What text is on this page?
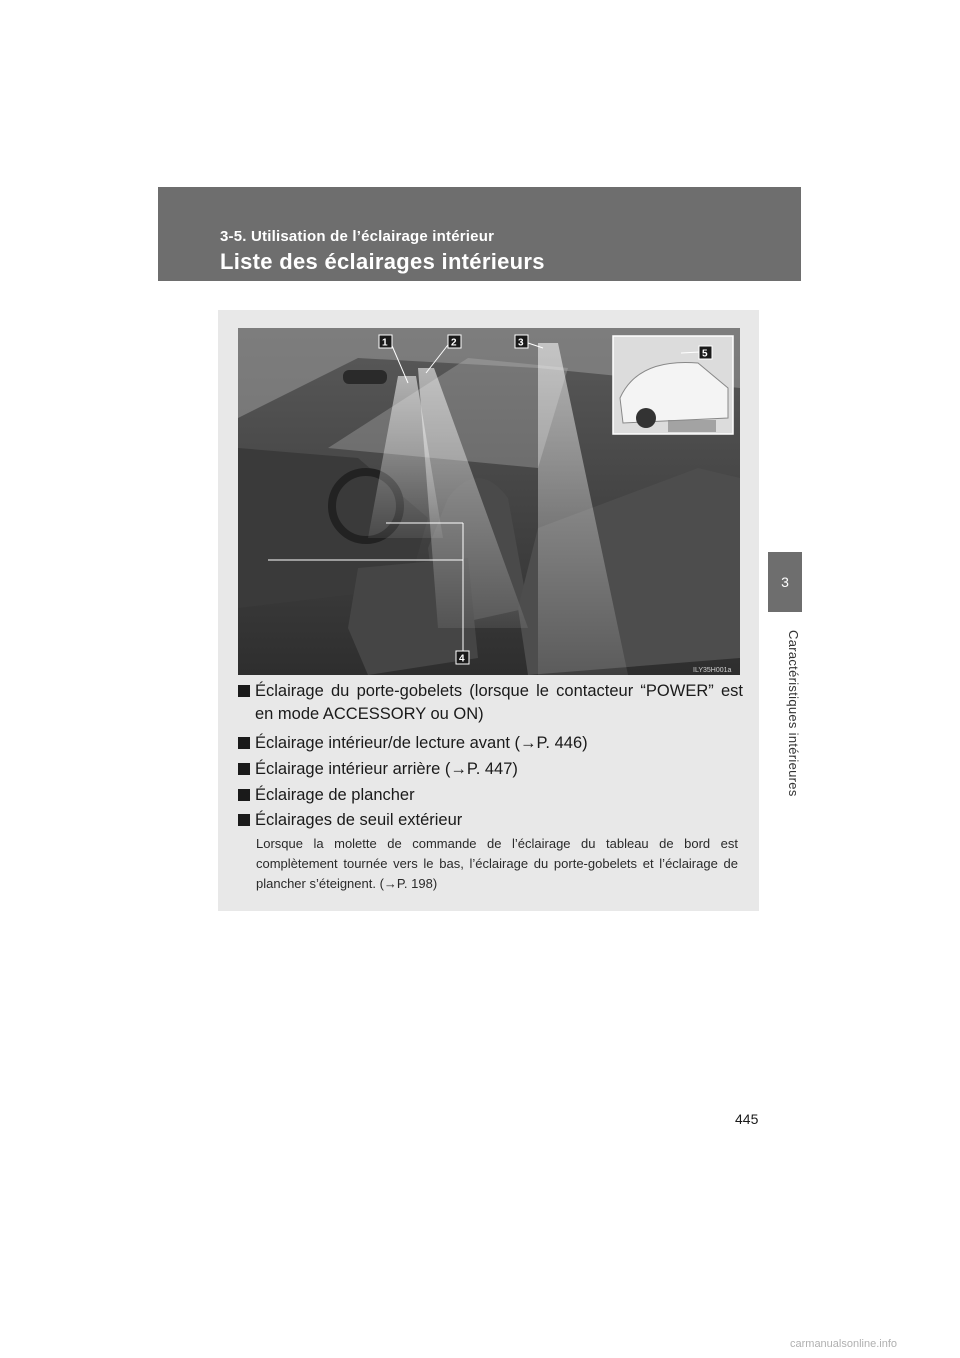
3-5. Utilisation de l’éclairage intérieur
Liste des éclairages intérieurs
3
Caractéristiques intérieures
1	2	3
4
5
ILY35H001a
Éclairage du porte-gobelets (lorsque le contacteur “POWER” est en mode ACCESSORY ou ON)
Éclairage intérieur/de lecture avant (→P. 446)
Éclairage intérieur arrière (→P. 447)
Éclairage de plancher
Éclairages de seuil extérieur
Lorsque la molette de commande de l’éclairage du tableau de bord est complètement tournée vers le bas, l’éclairage du porte-gobelets et l’éclairage de plancher s’éteignent. (→P. 198)
445
carmanualsonline.info
